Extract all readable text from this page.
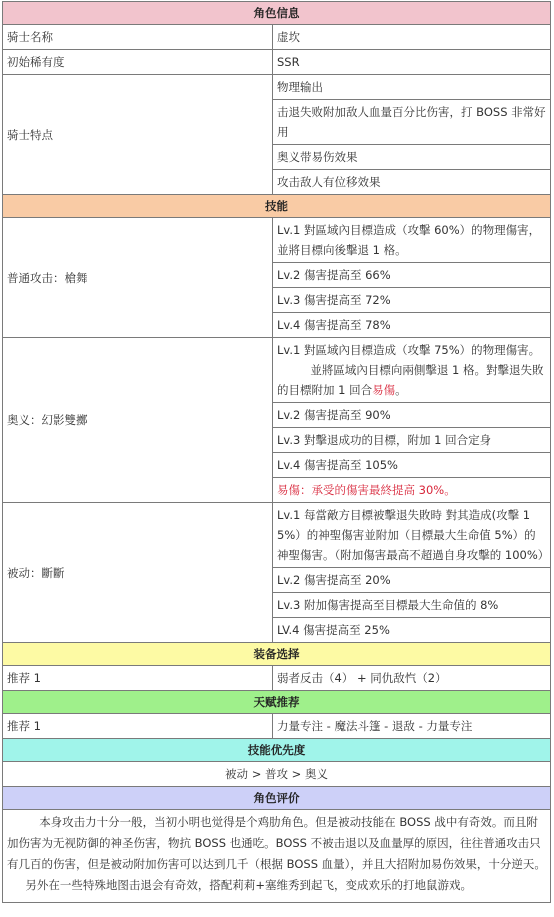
角色信息	
骑士名称	虚坎
初始稀有度	SSR
骑士特点	物理输出
	击退失败附加敌人血量百分比伤害，打 BOSS 非常好用
	奥义带易伤效果
	攻击敌人有位移效果
技能	
普通攻击：槍舞	Lv.1 對區域內目標造成（攻擊 60%）的物理傷害，並將目標向後擊退 1 格。
	Lv.2 傷害提高至 66%
	Lv.3 傷害提高至 72%
	Lv.4 傷害提高至 78%
奥义：幻影雙擲	Lv.1 對區域內目標造成（攻擊 75%）的物理傷害。
並將區域內目標向兩側擊退 1 格。對擊退失敗的目標附加 1 回合易傷。
	Lv.2 傷害提高至 90%
	Lv.3 對擊退成功的目標，附加 1 回合定身
	Lv.4 傷害提高至 105%
	易傷：承受的傷害最終提高 30%。
被动：斷斷	Lv.1 每當敵方目標被擊退失敗時 對其造成(攻擊 15%）的神聖傷害並附加（目標最大生命值 5%）的神聖傷害。（附加傷害最高不超過自身攻擊的 100%）
	Lv.2 傷害提高至 20%
	Lv.3 附加傷害提高至目標最大生命值的 8%
	LV.4 傷害提高至 25%
装备选择	
推荐 1	弱者反击（4） + 同仇敌忾（2）
天赋推荐	
推荐 1	力量专注 - 魔法斗篷 - 退敌 - 力量专注
技能优先度	
被动 > 普攻 > 奥义	
角色评价	

本身攻击力十分一般，当初小明也觉得是个鸡肋角色。但是被动技能在 BOSS 战中有奇效。而且附加伤害为无视防御的神圣伤害，物抗 BOSS 也通吃。BOSS 不被击退以及血量厚的原因，往往普通攻击只有几百的伤害，但是被动附加伤害可以达到几千（根据 BOSS 血量），并且大招附加易伤效果，十分逆天。
另外在一些特殊地图击退会有奇效，搭配莉莉+塞维秀到起飞，变成欢乐的打地鼠游戏。	
